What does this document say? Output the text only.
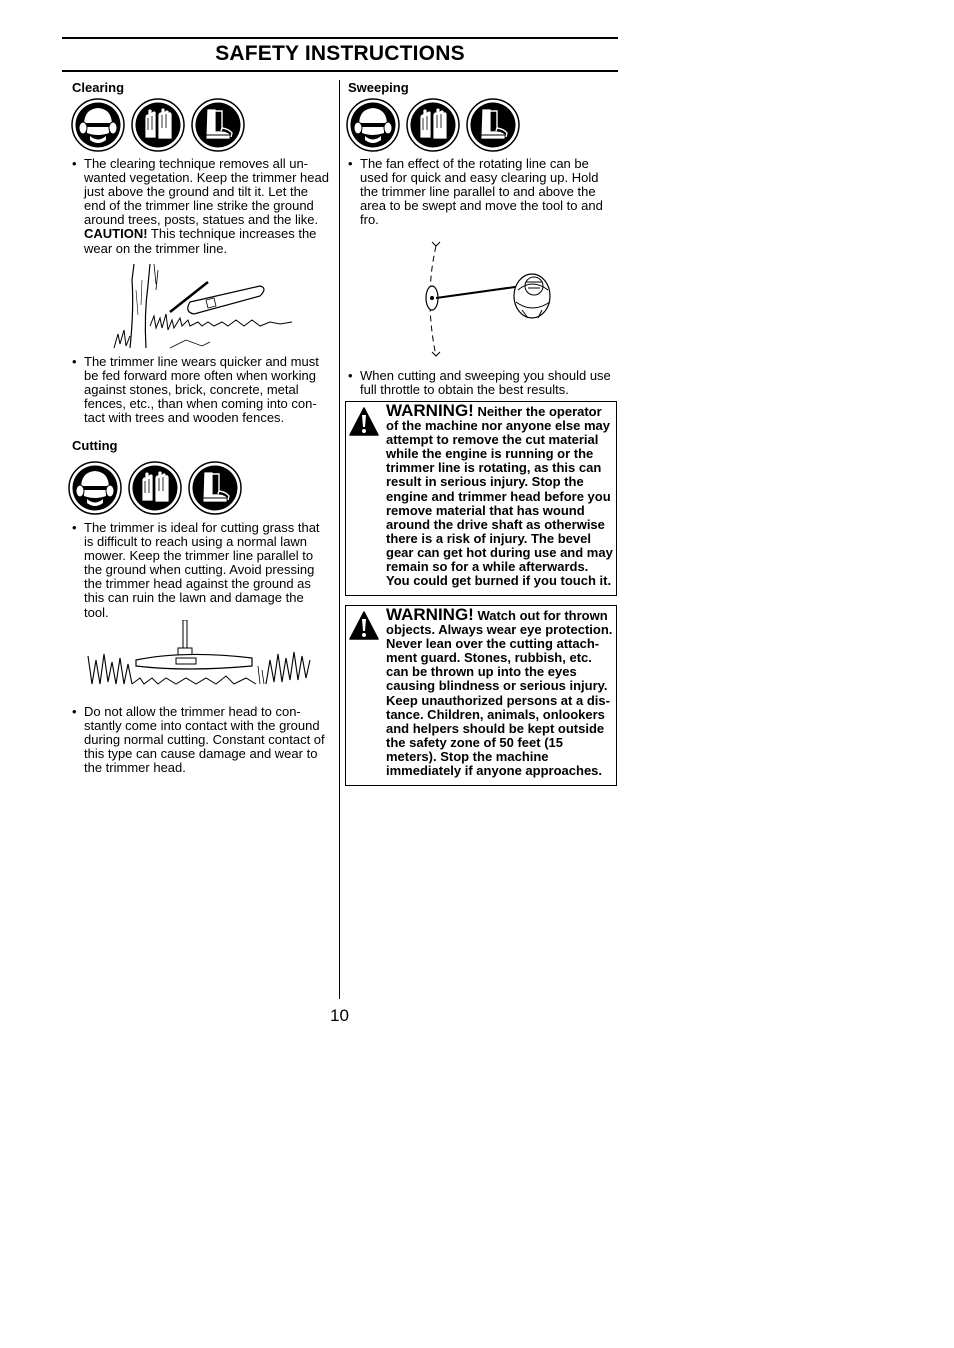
SAFETY INSTRUCTIONS
Clearing
• The clearing technique removes all un-wanted vegetation. Keep the trimmer head just above the ground and tilt it. Let the end of the trimmer line strike the ground around trees, posts, statues and the like. CAUTION! This technique increases the wear on the trimmer line.
• The trimmer line wears quicker and must be fed forward more often when working against stones, brick, concrete, metal fences, etc., than when coming into con-tact with trees and wooden fences.
Cutting
• The trimmer is ideal for cutting grass that is difficult to reach using a normal lawn mower. Keep the trimmer line parallel to the ground when cutting. Avoid pressing the trimmer head against the ground as this can ruin the lawn and damage the tool.
• Do not allow the trimmer head to con-stantly come into contact with the ground during normal cutting. Constant contact of this type can cause damage and wear to the trimmer head.
Sweeping
• The fan effect of the rotating line can be used for quick and easy clearing up. Hold the trimmer line parallel to and above the area to be swept and move the tool to and fro.
• When cutting and sweeping you should use full throttle to obtain the best results.
WARNING! Neither the operator of the machine nor anyone else may attempt to remove the cut material while the engine is running or the trimmer line is rotating, as this can result in serious injury. Stop the engine and trimmer head before you remove material that has wound around the drive shaft as otherwise there is a risk of injury. The bevel gear can get hot during use and may remain so for a while afterwards. You could get burned if you touch it.
WARNING! Watch out for thrown objects. Always wear eye protection. Never lean over the cutting attach-ment guard. Stones, rubbish, etc. can be thrown up into the eyes causing blindness or serious injury. Keep unauthorized persons at a dis-tance. Children, animals, onlookers and helpers should be kept outside the safety zone of 50 feet (15 meters). Stop the machine immediately if anyone approaches.
10
